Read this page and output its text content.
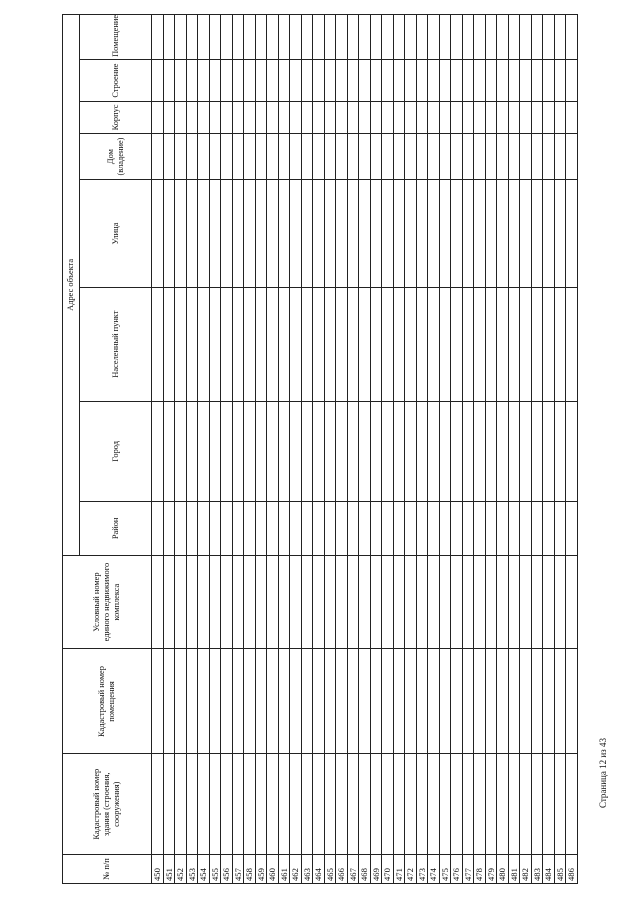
№ п/п	Кадастровый номер здания (строения, сооружения)	Кадастровый номер помещения	Условный номер единого недвижимого комплекса	Адрес объекта							
				Район	Город	Населенный пункт	Улица	Дом (владение)	Корпус	Строение	Помещение
450											
451											
452											
453											
454											
455											
456											
457											
458											
459											
460											
461											
462											
463											
464											
465											
466											
467											
468											
469											
470											
471											
472											
473											
474											
475											
476											
477											
478											
479											
480											
481											
482											
483											
484											
485											
486											
Страница 12 из 43
